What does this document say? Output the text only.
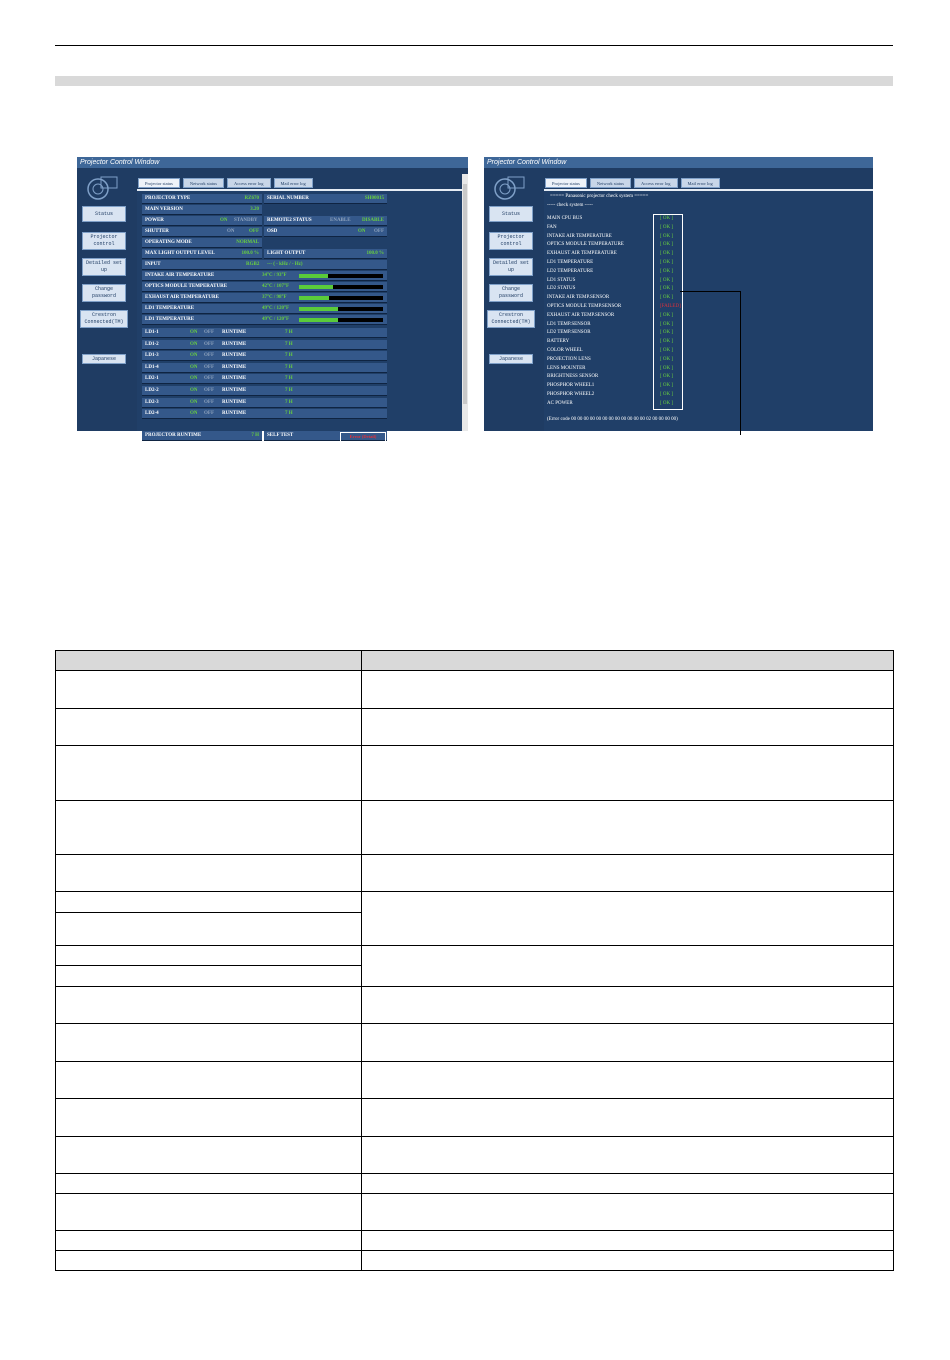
Projector Control Window
Status
Projector control
Detailed set up
Change password
Crestron Connected(TM)
Japanese
Projector status	Network status	Access error log	Mail error log
PROJECTOR TYPE	RZ670 SERIAL NUMBER	SH00015
MAIN VERSION	3.20
POWER	ON STANDBY REMOTE2 STATUS	ENABLE DISABLE
SHUTTER	ON	OFF OSD	ON OFF
OPERATING MODE	NORMAL
MAX LIGHT OUTPUT LEVEL	100.0 % LIGHT OUTPUT	100.0 %
INPUT	RGB2 --- ( - kHz / - Hz)
INTAKE AIR TEMPERATURE	34°C / 93°F
OPTICS MODULE TEMPERATURE	42°C / 107°F
EXHAUST AIR TEMPERATURE	37°C / 98°F
LD1 TEMPERATURE	49°C / 120°F
LD1 TEMPERATURE	49°C / 120°F
LD1-1	ON OFF RUNTIME	7 H
LD1-2	ON OFF RUNTIME	7 H
LD1-3	ON OFF RUNTIME	7 H
LD1-4	ON OFF RUNTIME	7 H
LD2-1	ON OFF RUNTIME	7 H
LD2-2	ON OFF RUNTIME	7 H
LD2-3	ON OFF RUNTIME	7 H
LD2-4	ON OFF RUNTIME	7 H
PROJECTOR RUNTIME	7 H SELF TEST	Error (Detail)
Projector Control Window
Status
Projector control
Detailed set up
Change password
Crestron Connected(TM)
Japanese
Projector status	Network status	Access error log	Mail error log
===== Panasonic projector check system =====
----- check system -----
MAIN CPU BUS	[ OK ]
FAN	[ OK ]
INTAKE AIR TEMPERATURE	[ OK ]
OPTICS MODULE TEMPERATURE	[ OK ]
EXHAUST AIR TEMPERATURE	[ OK ]
LD1 TEMPERATURE	[ OK ]
LD2 TEMPERATURE	[ OK ]
LD1 STATUS	[ OK ]
LD2 STATUS	[ OK ]
INTAKE AIR TEMP.SENSOR	[ OK ]
OPTICS MODULE TEMP.SENSOR	[FAILED]
EXHAUST AIR TEMP.SENSOR	[ OK ]
LD1 TEMP.SENSOR	[ OK ]
LD2 TEMP.SENSOR	[ OK ]
BATTERY	[ OK ]
COLOR WHEEL	[ OK ]
PROJECTION LENS	[ OK ]
LENS MOUNTER	[ OK ]
BRIGHTNESS SENSOR	[ OK ]
PHOSPHOR WHEEL1	[ OK ]
PHOSPHOR WHEEL2	[ OK ]
AC POWER	[ OK ]
(Error code 00 00 00 00 00 00 00 00 00 00 00 00 02 00 00 00 00)
